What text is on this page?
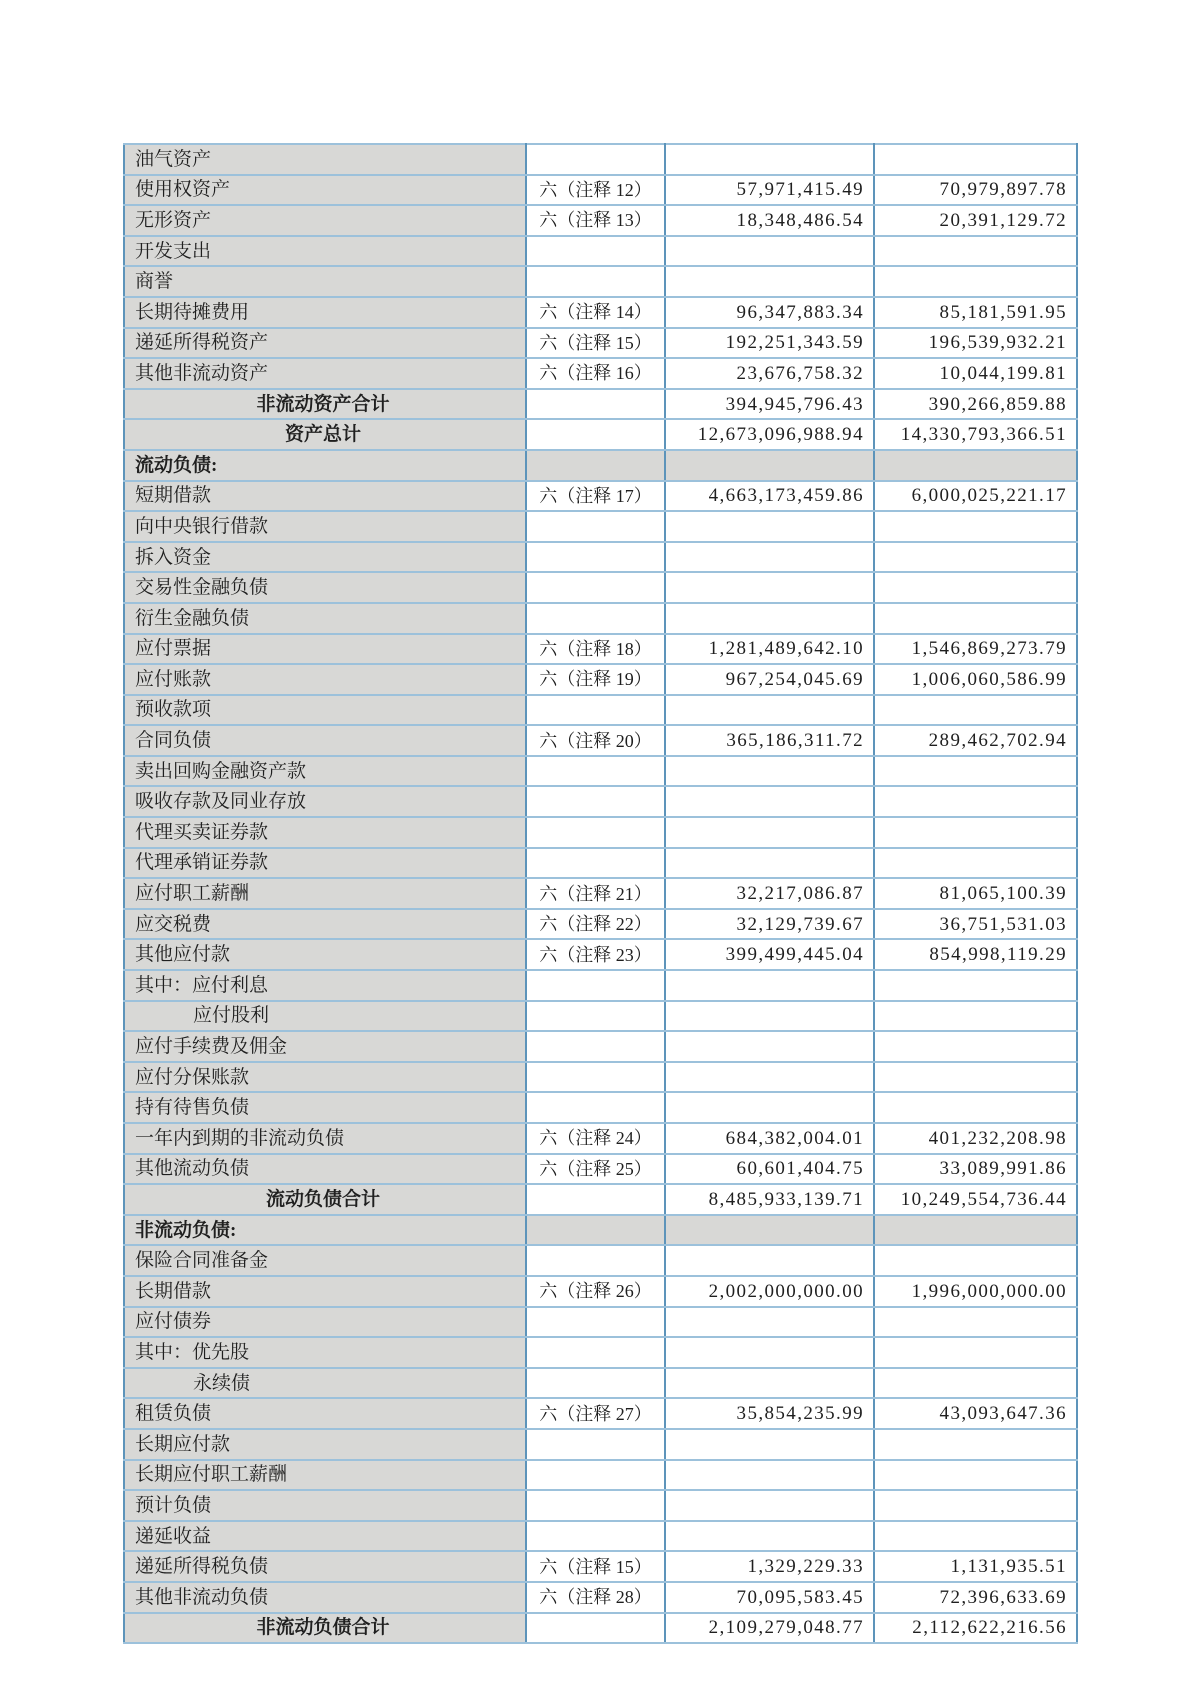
油气资产			
使用权资产	六（注释 12）	57,971,415.49	70,979,897.78
无形资产	六（注释 13）	18,348,486.54	20,391,129.72
开发支出			
商誉			
长期待摊费用	六（注释 14）	96,347,883.34	85,181,591.95
递延所得税资产	六（注释 15）	192,251,343.59	196,539,932.21
其他非流动资产	六（注释 16）	23,676,758.32	10,044,199.81
非流动资产合计		394,945,796.43	390,266,859.88
资产总计		12,673,096,988.94	14,330,793,366.51
流动负债:			
短期借款	六（注释 17）	4,663,173,459.86	6,000,025,221.17
向中央银行借款			
拆入资金			
交易性金融负债			
衍生金融负债			
应付票据	六（注释 18）	1,281,489,642.10	1,546,869,273.79
应付账款	六（注释 19）	967,254,045.69	1,006,060,586.99
预收款项			
合同负债	六（注释 20）	365,186,311.72	289,462,702.94
卖出回购金融资产款			
吸收存款及同业存放			
代理买卖证券款			
代理承销证券款			
应付职工薪酬	六（注释 21）	32,217,086.87	81,065,100.39
应交税费	六（注释 22）	32,129,739.67	36,751,531.03
其他应付款	六（注释 23）	399,499,445.04	854,998,119.29
其中：应付利息			
应付股利			
应付手续费及佣金			
应付分保账款			
持有待售负债			
一年内到期的非流动负债	六（注释 24）	684,382,004.01	401,232,208.98
其他流动负债	六（注释 25）	60,601,404.75	33,089,991.86
流动负债合计		8,485,933,139.71	10,249,554,736.44
非流动负债:			
保险合同准备金			
长期借款	六（注释 26）	2,002,000,000.00	1,996,000,000.00
应付债券			
其中：优先股			
永续债			
租赁负债	六（注释 27）	35,854,235.99	43,093,647.36
长期应付款			
长期应付职工薪酬			
预计负债			
递延收益			
递延所得税负债	六（注释 15）	1,329,229.33	1,131,935.51
其他非流动负债	六（注释 28）	70,095,583.45	72,396,633.69
非流动负债合计		2,109,279,048.77	2,112,622,216.56
